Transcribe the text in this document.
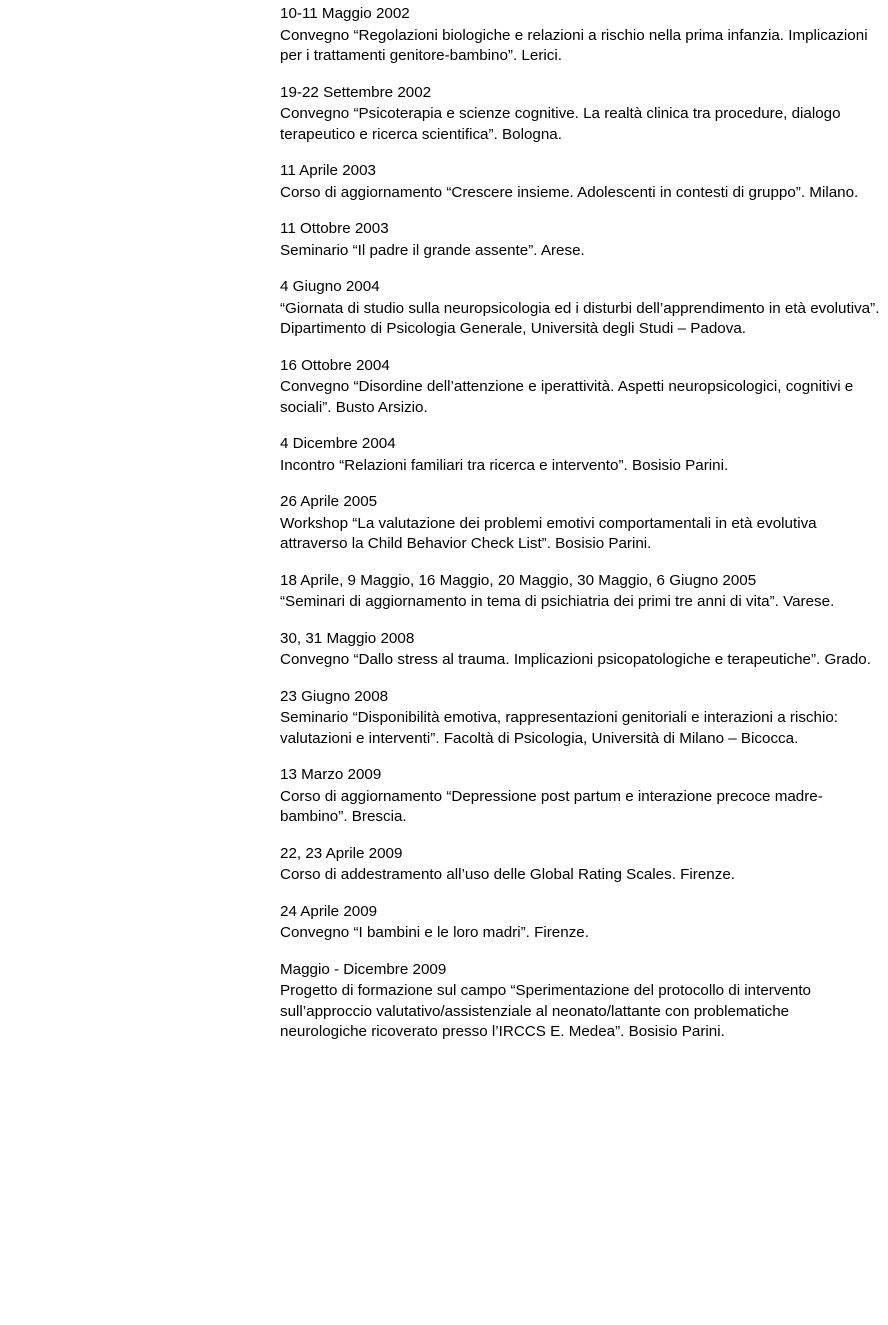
10-11 Maggio 2002

Convegno “Regolazioni biologiche e relazioni a rischio nella prima infanzia. Implicazioni per i trattamenti genitore-bambino”. Lerici.

19-22 Settembre 2002

Convegno “Psicoterapia e scienze cognitive. La realtà clinica tra procedure, dialogo terapeutico e ricerca scientifica”. Bologna.

11 Aprile 2003

Corso di aggiornamento “Crescere insieme. Adolescenti in contesti di gruppo”. Milano.

11 Ottobre 2003

Seminario “Il padre il grande assente”. Arese.

4 Giugno 2004

“Giornata di studio sulla neuropsicologia ed i disturbi dell’apprendimento in età evolutiva”. Dipartimento di Psicologia Generale, Università degli Studi – Padova.

16 Ottobre 2004

Convegno “Disordine dell’attenzione e iperattività. Aspetti neuropsicologici, cognitivi e sociali”. Busto Arsizio.

4 Dicembre 2004

Incontro “Relazioni familiari tra ricerca e intervento”. Bosisio Parini.

26 Aprile 2005

Workshop “La valutazione dei problemi emotivi comportamentali in età evolutiva attraverso la Child Behavior Check List”. Bosisio Parini.

18 Aprile, 9 Maggio, 16 Maggio, 20 Maggio, 30 Maggio, 6 Giugno 2005

“Seminari di aggiornamento in tema di psichiatria dei primi tre anni di vita”. Varese.

30, 31 Maggio 2008

Convegno “Dallo stress al trauma. Implicazioni psicopatologiche e terapeutiche”. Grado.

23 Giugno 2008

Seminario “Disponibilità emotiva, rappresentazioni genitoriali e interazioni a rischio: valutazioni e interventi”. Facoltà di Psicologia, Università di Milano – Bicocca.

13 Marzo 2009

Corso di aggiornamento “Depressione post partum e interazione precoce madre-bambino”. Brescia.

22, 23 Aprile 2009

Corso di addestramento all’uso delle Global Rating Scales. Firenze.

24 Aprile 2009

Convegno “I bambini e le loro madri”. Firenze.

Maggio - Dicembre 2009

Progetto di formazione sul campo “Sperimentazione del protocollo di intervento sull’approccio valutativo/assistenziale al neonato/lattante con problematiche neurologiche ricoverato presso l’IRCCS E. Medea”. Bosisio Parini.
